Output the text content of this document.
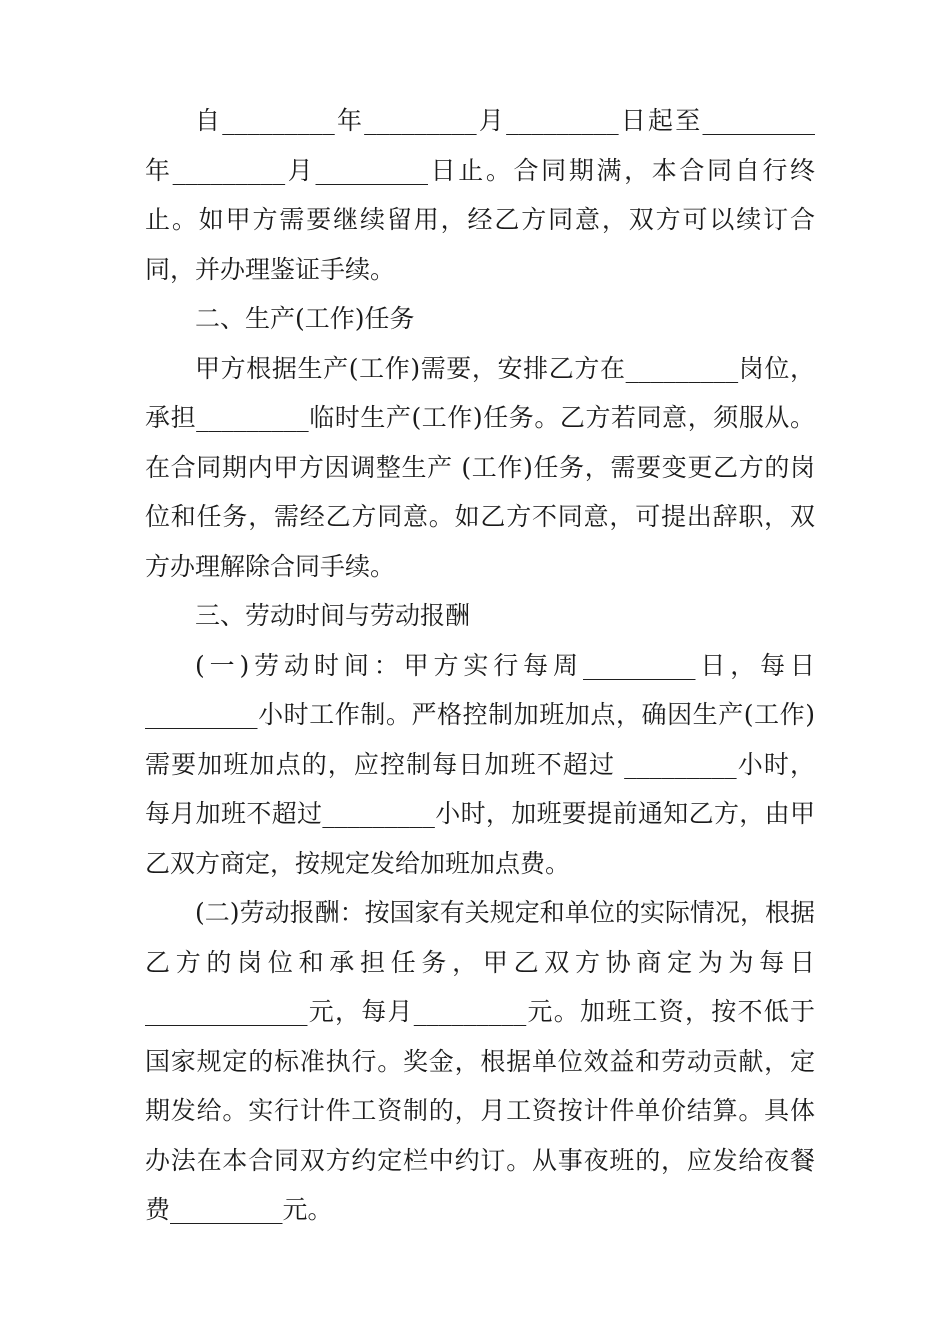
自_________年_________月_________日起至_________年_________月_________日止。合同期满，本合同自行终止。如甲方需要继续留用，经乙方同意，双方可以续订合同，并办理鉴证手续。

二、生产(工作)任务

甲方根据生产(工作)需要，安排乙方在_________岗位，承担_________临时生产(工作)任务。乙方若同意，须服从。在合同期内甲方因调整生产 (工作)任务，需要变更乙方的岗位和任务，需经乙方同意。如乙方不同意，可提出辞职，双方办理解除合同手续。

三、劳动时间与劳动报酬

(一)劳动时间：甲方实行每周_________日，每日_________小时工作制。严格控制加班加点，确因生产(工作)需要加班加点的，应控制每日加班不超过 _________小时，每月加班不超过_________小时，加班要提前通知乙方，由甲乙双方商定，按规定发给加班加点费。

(二)劳动报酬：按国家有关规定和单位的实际情况，根据乙方的岗位和承担任务，甲乙双方协商定为为每日 _____________元，每月_________元。加班工资，按不低于国家规定的标准执行。奖金，根据单位效益和劳动贡献，定期发给。实行计件工资制的，月工资按计件单价结算。具体办法在本合同双方约定栏中约订。从事夜班的，应发给夜餐费_________元。
